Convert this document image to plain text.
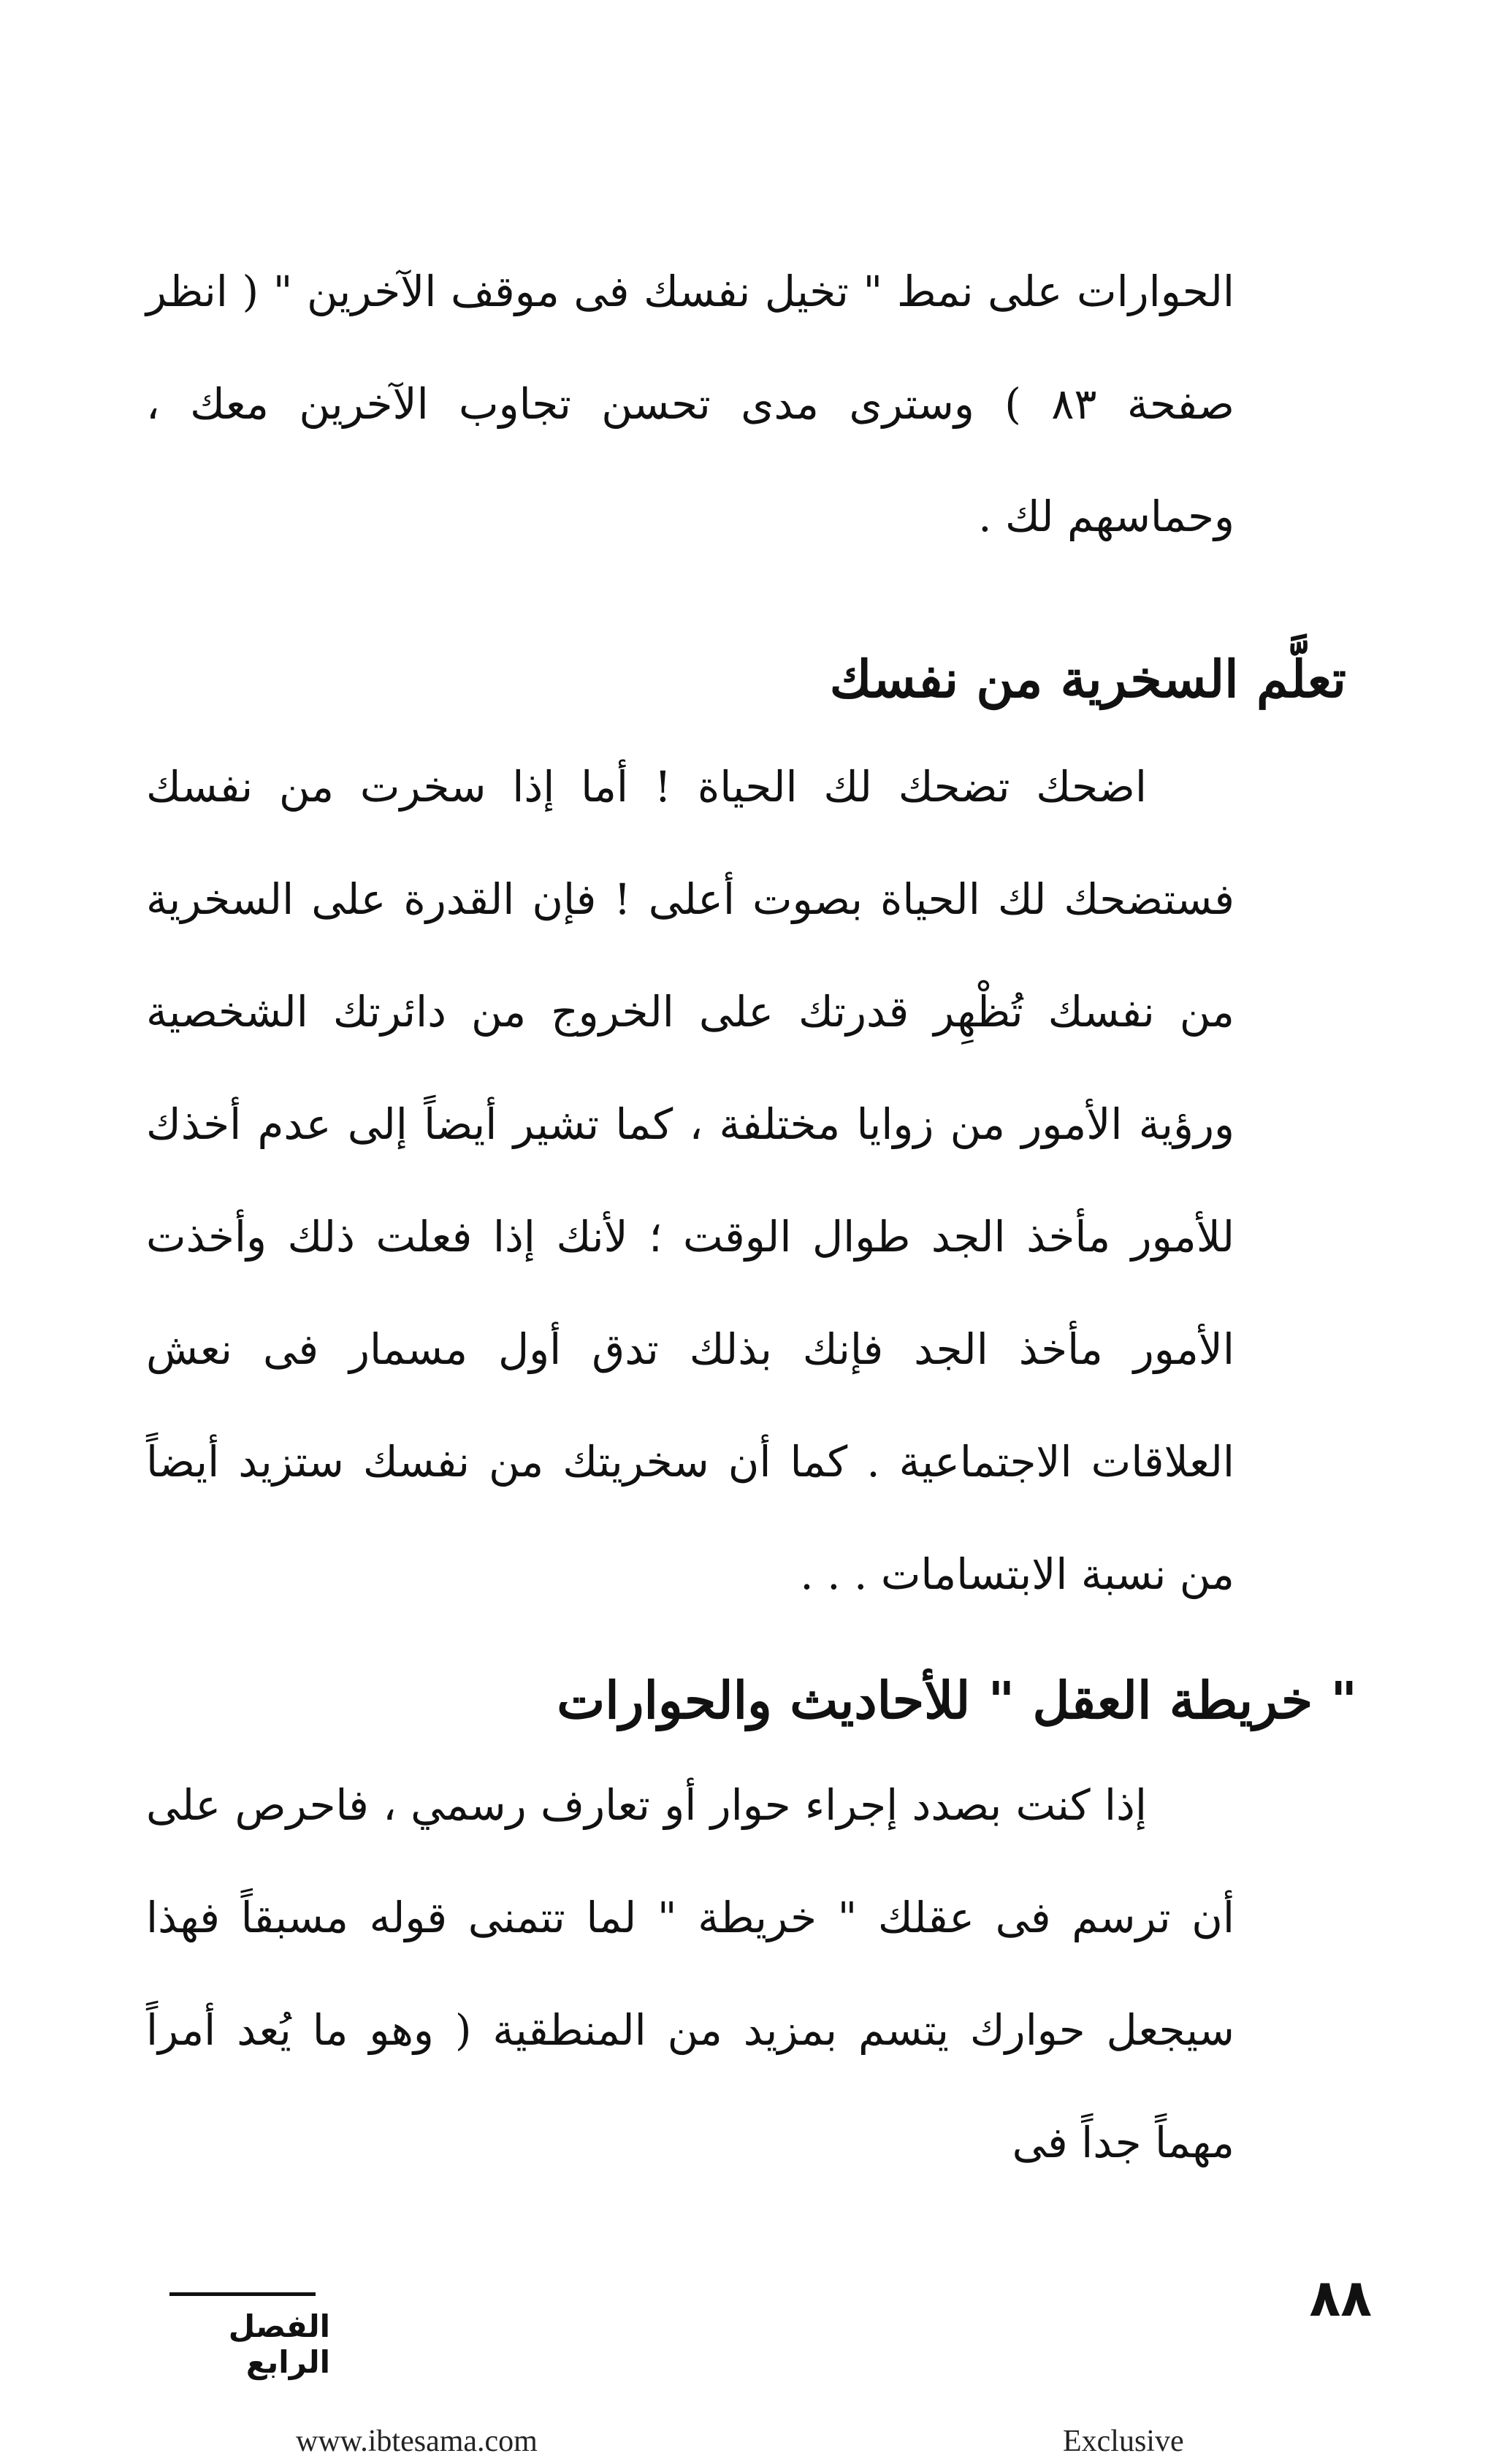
الحوارات على نمط " تخيل نفسك فى موقف الآخرين " ( انظر صفحة ٨٣ ) وسترى مدى تحسن تجاوب الآخرين معك ، وحماسهم لك .

تعلَّم السخرية من نفسك

اضحك تضحك لك الحياة ! أما إذا سخرت من نفسك فستضحك لك الحياة بصوت أعلى ! فإن القدرة على السخرية من نفسك تُظْهِر قدرتك على الخروج من دائرتك الشخصية ورؤية الأمور من زوايا مختلفة ، كما تشير أيضاً إلى عدم أخذك للأمور مأخذ الجد طوال الوقت ؛ لأنك إذا فعلت ذلك وأخذت الأمور مأخذ الجد فإنك بذلك تدق أول مسمار فى نعش العلاقات الاجتماعية . كما أن سخريتك من نفسك ستزيد أيضاً من نسبة الابتسامات . . .

" خريطة العقل " للأحاديث والحوارات

إذا كنت بصدد إجراء حوار أو تعارف رسمي ، فاحرص على أن ترسم فى عقلك " خريطة " لما تتمنى قوله مسبقاً فهذا سيجعل حوارك يتسم بمزيد من المنطقية ( وهو ما يُعد أمراً مهماً جداً فى

٨٨
الفصل الرابع
www.ibtesama.com	Exclusive
